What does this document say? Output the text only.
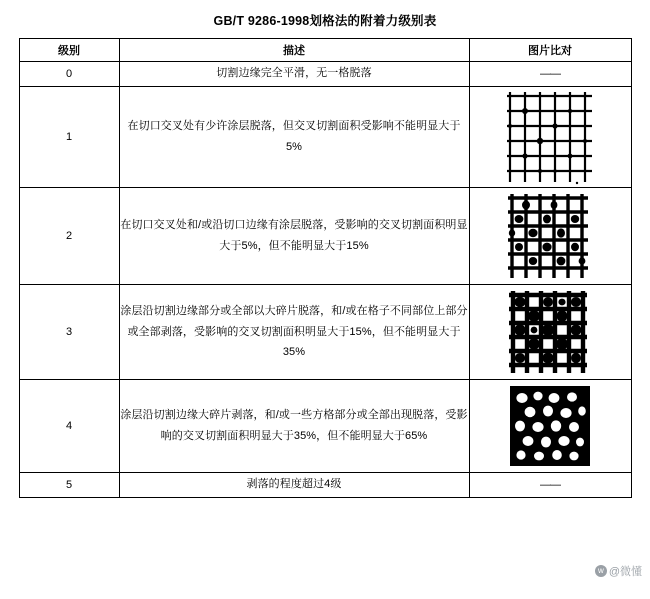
GB/T 9286-1998划格法的附着力级别表
级别	描述	图片比对
0	切割边缘完全平滑，无一格脱落	——
1	在切口交叉处有少许涂层脱落，但交叉切割面积受影响不能明显大于5%	

2	在切口交叉处和/或沿切口边缘有涂层脱落，受影响的交叉切割面积明显大于5%，但不能明显大于15%	

3	涂层沿切割边缘部分或全部以大碎片脱落，和/或在格子不同部位上部分或全部剥落，受影响的交叉切割面积明显大于15%，但不能明显大于35%	

4	涂层沿切割边缘大碎片剥落，和/或一些方格部分或全部出现脱落，受影响的交叉切割面积明显大于35%，但不能明显大于65%	

5	剥落的程度超过4级	——
w @微懂
